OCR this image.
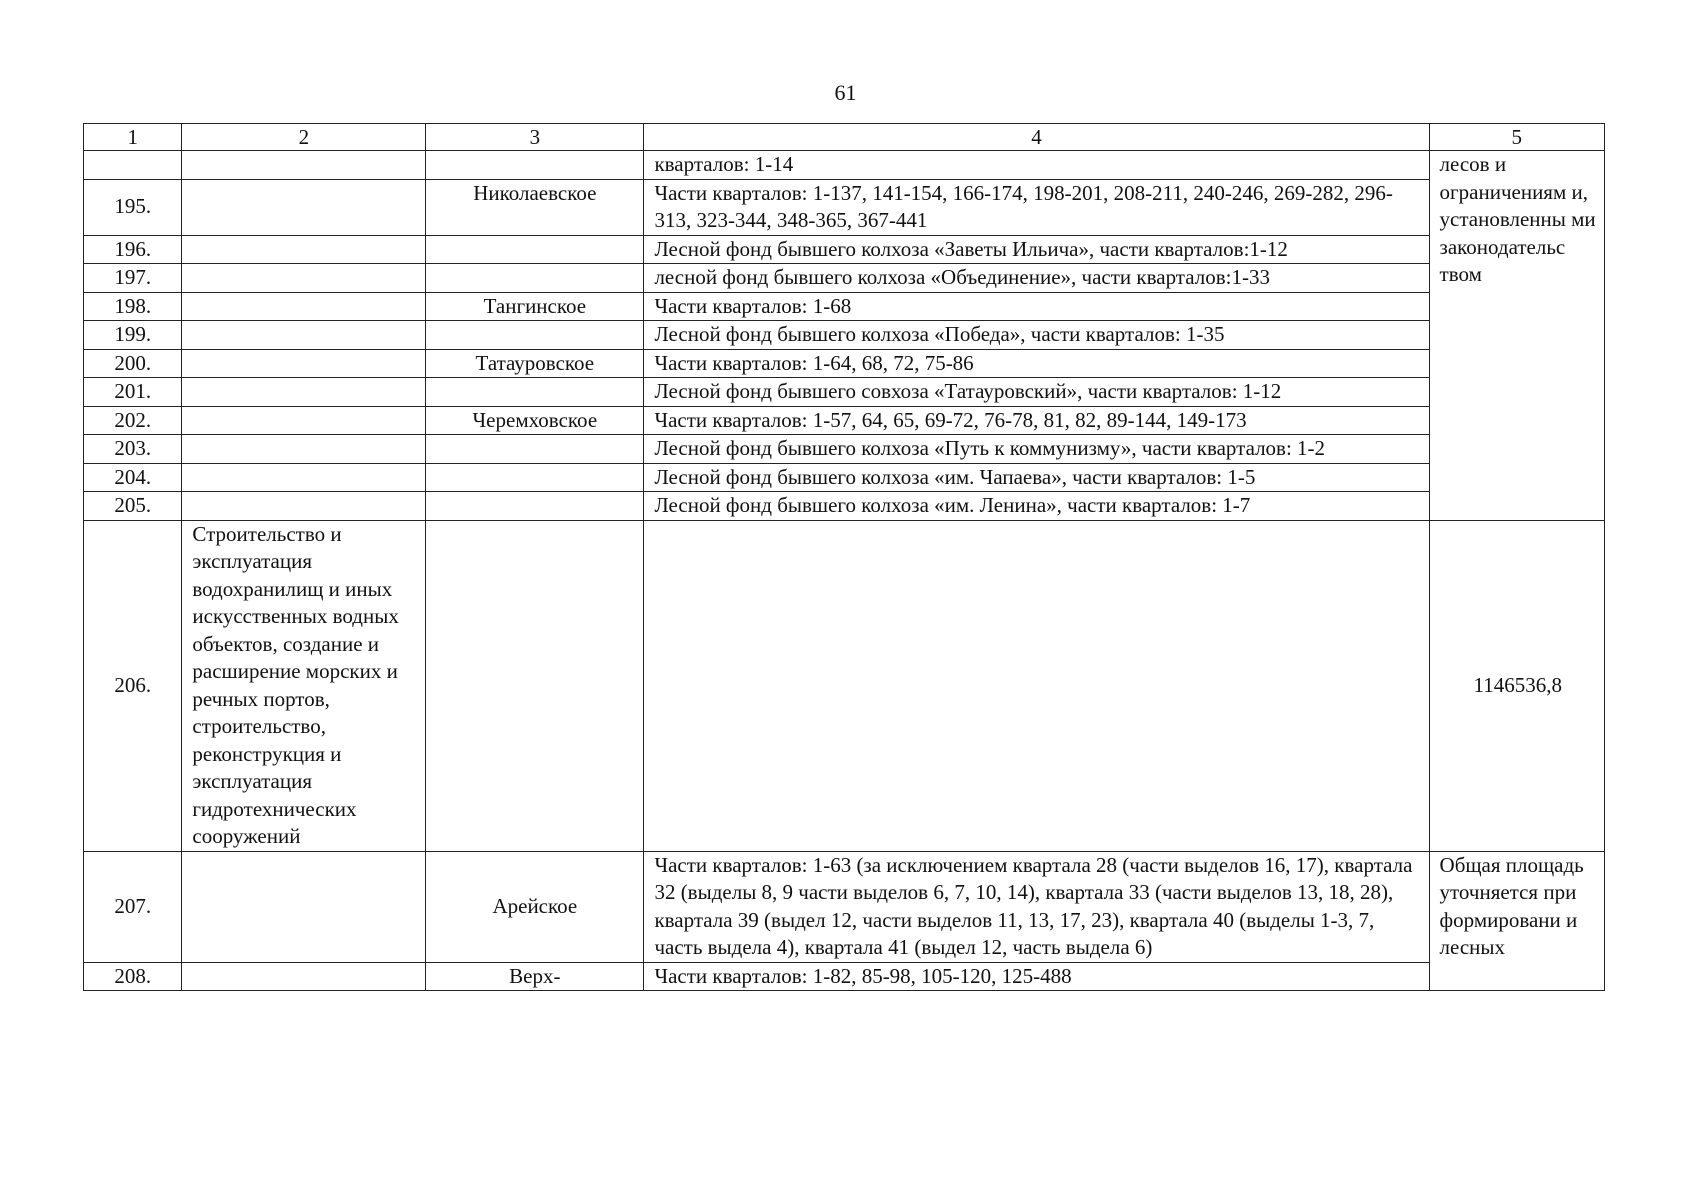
61
1	2	3	4	5
			кварталов: 1-14	лесов и ограничениям и, установленны ми законодательс твом
195.		Николаевское	Части кварталов: 1-137, 141-154, 166-174, 198-201, 208-211, 240-246, 269-282, 296-313, 323-344, 348-365, 367-441	
196.			Лесной фонд бывшего колхоза «Заветы Ильича», части кварталов:1-12	
197.			лесной фонд бывшего колхоза «Объединение», части кварталов:1-33	
198.		Тангинское	Части кварталов: 1-68	
199.			Лесной фонд бывшего колхоза «Победа», части кварталов: 1-35	
200.		Татауровское	Части кварталов: 1-64, 68, 72, 75-86	
201.			Лесной фонд бывшего совхоза «Татауровский», части кварталов: 1-12	
202.		Черемховское	Части кварталов: 1-57, 64, 65, 69-72, 76-78, 81, 82, 89-144, 149-173	
203.			Лесной фонд бывшего колхоза «Путь к коммунизму», части кварталов: 1-2	
204.			Лесной фонд бывшего колхоза «им. Чапаева», части кварталов: 1-5	
205.			Лесной фонд бывшего колхоза «им. Ленина», части кварталов: 1-7	
206.	Строительство и эксплуатация водохранилищ и иных искусственных водных объектов, создание и расширение морских и речных портов, строительство, реконструкция и эксплуатация гидротехнических сооружений			1146536,8
207.		Арейское	Части кварталов: 1-63 (за исключением квартала 28 (части выделов 16, 17), квартала 32 (выделы 8, 9 части выделов 6, 7, 10, 14), квартала 33 (части выделов 13, 18, 28), квартала 39 (выдел 12, части выделов 11, 13, 17, 23), квартала 40 (выделы 1-3, 7, часть выдела 4), квартала 41 (выдел 12, часть выдела 6)	Общая площадь уточняется при формировани и лесных
208.		Верх-	Части кварталов: 1-82, 85-98, 105-120, 125-488	
